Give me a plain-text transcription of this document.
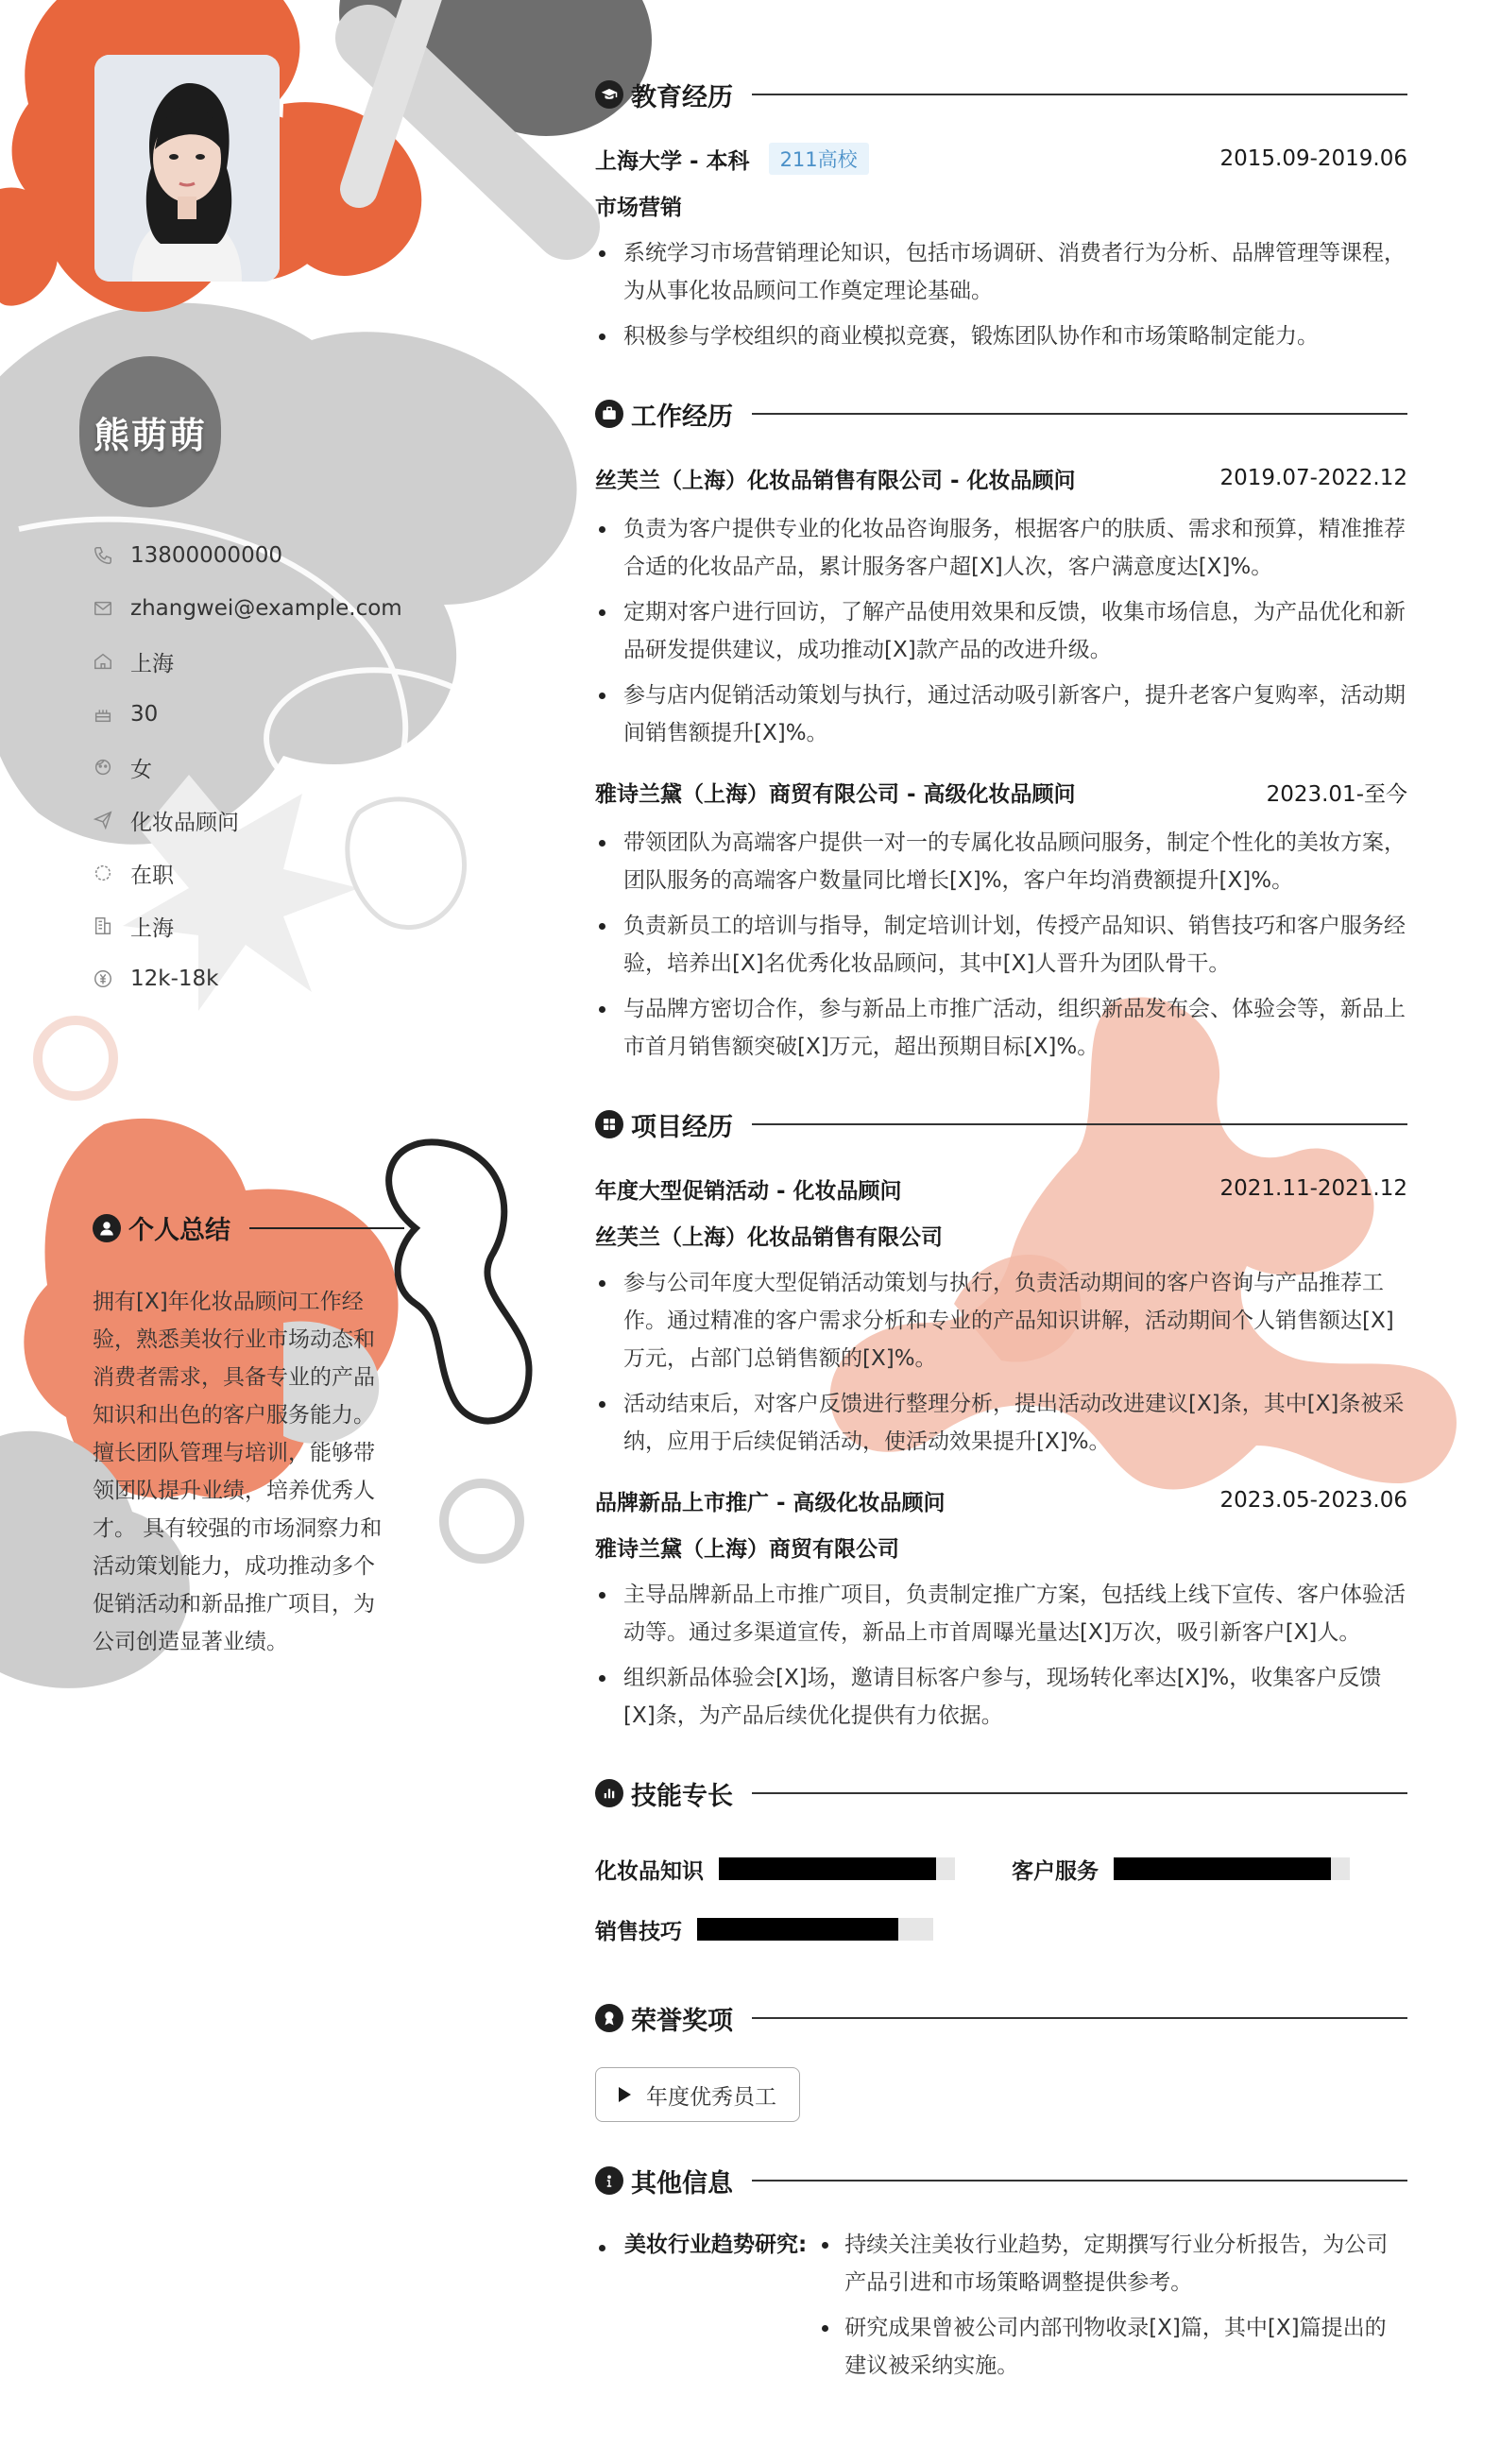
熊萌萌
13800000000
zhangwei@example.com
上海
30
女
化妆品顾问
在职
上海
12k-18k
个人总结
拥有[X]年化妆品顾问工作经验，熟悉美妆行业市场动态和消费者需求，具备专业的产品知识和出色的客户服务能力。擅长团队管理与培训，能够带领团队提升业绩，培养优秀人才。 具有较强的市场洞察力和活动策划能力，成功推动多个促销活动和新品推广项目，为公司创造显著业绩。
教育经历
上海大学 - 本科	211高校	2015.09-2019.06
市场营销
系统学习市场营销理论知识，包括市场调研、消费者行为分析、品牌管理等课程，为从事化妆品顾问工作奠定理论基础。
积极参与学校组织的商业模拟竞赛，锻炼团队协作和市场策略制定能力。
工作经历
丝芙兰（上海）化妆品销售有限公司 - 化妆品顾问	2019.07-2022.12
负责为客户提供专业的化妆品咨询服务，根据客户的肤质、需求和预算，精准推荐合适的化妆品产品，累计服务客户超[X]人次，客户满意度达[X]%。
定期对客户进行回访，了解产品使用效果和反馈，收集市场信息，为产品优化和新品研发提供建议，成功推动[X]款产品的改进升级。
参与店内促销活动策划与执行，通过活动吸引新客户，提升老客户复购率，活动期间销售额提升[X]%。
雅诗兰黛（上海）商贸有限公司 - 高级化妆品顾问	2023.01-至今
带领团队为高端客户提供一对一的专属化妆品顾问服务，制定个性化的美妆方案，团队服务的高端客户数量同比增长[X]%，客户年均消费额提升[X]%。
负责新员工的培训与指导，制定培训计划，传授产品知识、销售技巧和客户服务经验，培养出[X]名优秀化妆品顾问，其中[X]人晋升为团队骨干。
与品牌方密切合作，参与新品上市推广活动，组织新品发布会、体验会等，新品上市首月销售额突破[X]万元，超出预期目标[X]%。
项目经历
年度大型促销活动 - 化妆品顾问	2021.11-2021.12
丝芙兰（上海）化妆品销售有限公司
参与公司年度大型促销活动策划与执行，负责活动期间的客户咨询与产品推荐工作。通过精准的客户需求分析和专业的产品知识讲解，活动期间个人销售额达[X]万元，占部门总销售额的[X]%。
活动结束后，对客户反馈进行整理分析，提出活动改进建议[X]条，其中[X]条被采纳，应用于后续促销活动，使活动效果提升[X]%。
品牌新品上市推广 - 高级化妆品顾问	2023.05-2023.06
雅诗兰黛（上海）商贸有限公司
主导品牌新品上市推广项目，负责制定推广方案，包括线上线下宣传、客户体验活动等。通过多渠道宣传，新品上市首周曝光量达[X]万次，吸引新客户[X]人。
组织新品体验会[X]场，邀请目标客户参与，现场转化率达[X]%，收集客户反馈[X]条，为产品后续优化提供有力依据。
技能专长
化妆品知识	客户服务
销售技巧
荣誉奖项
年度优秀员工
其他信息
美妆行业趋势研究:	持续关注美妆行业趋势，定期撰写行业分析报告，为公司产品引进和市场策略调整提供参考。
研究成果曾被公司内部刊物收录[X]篇，其中[X]篇提出的建议被采纳实施。
